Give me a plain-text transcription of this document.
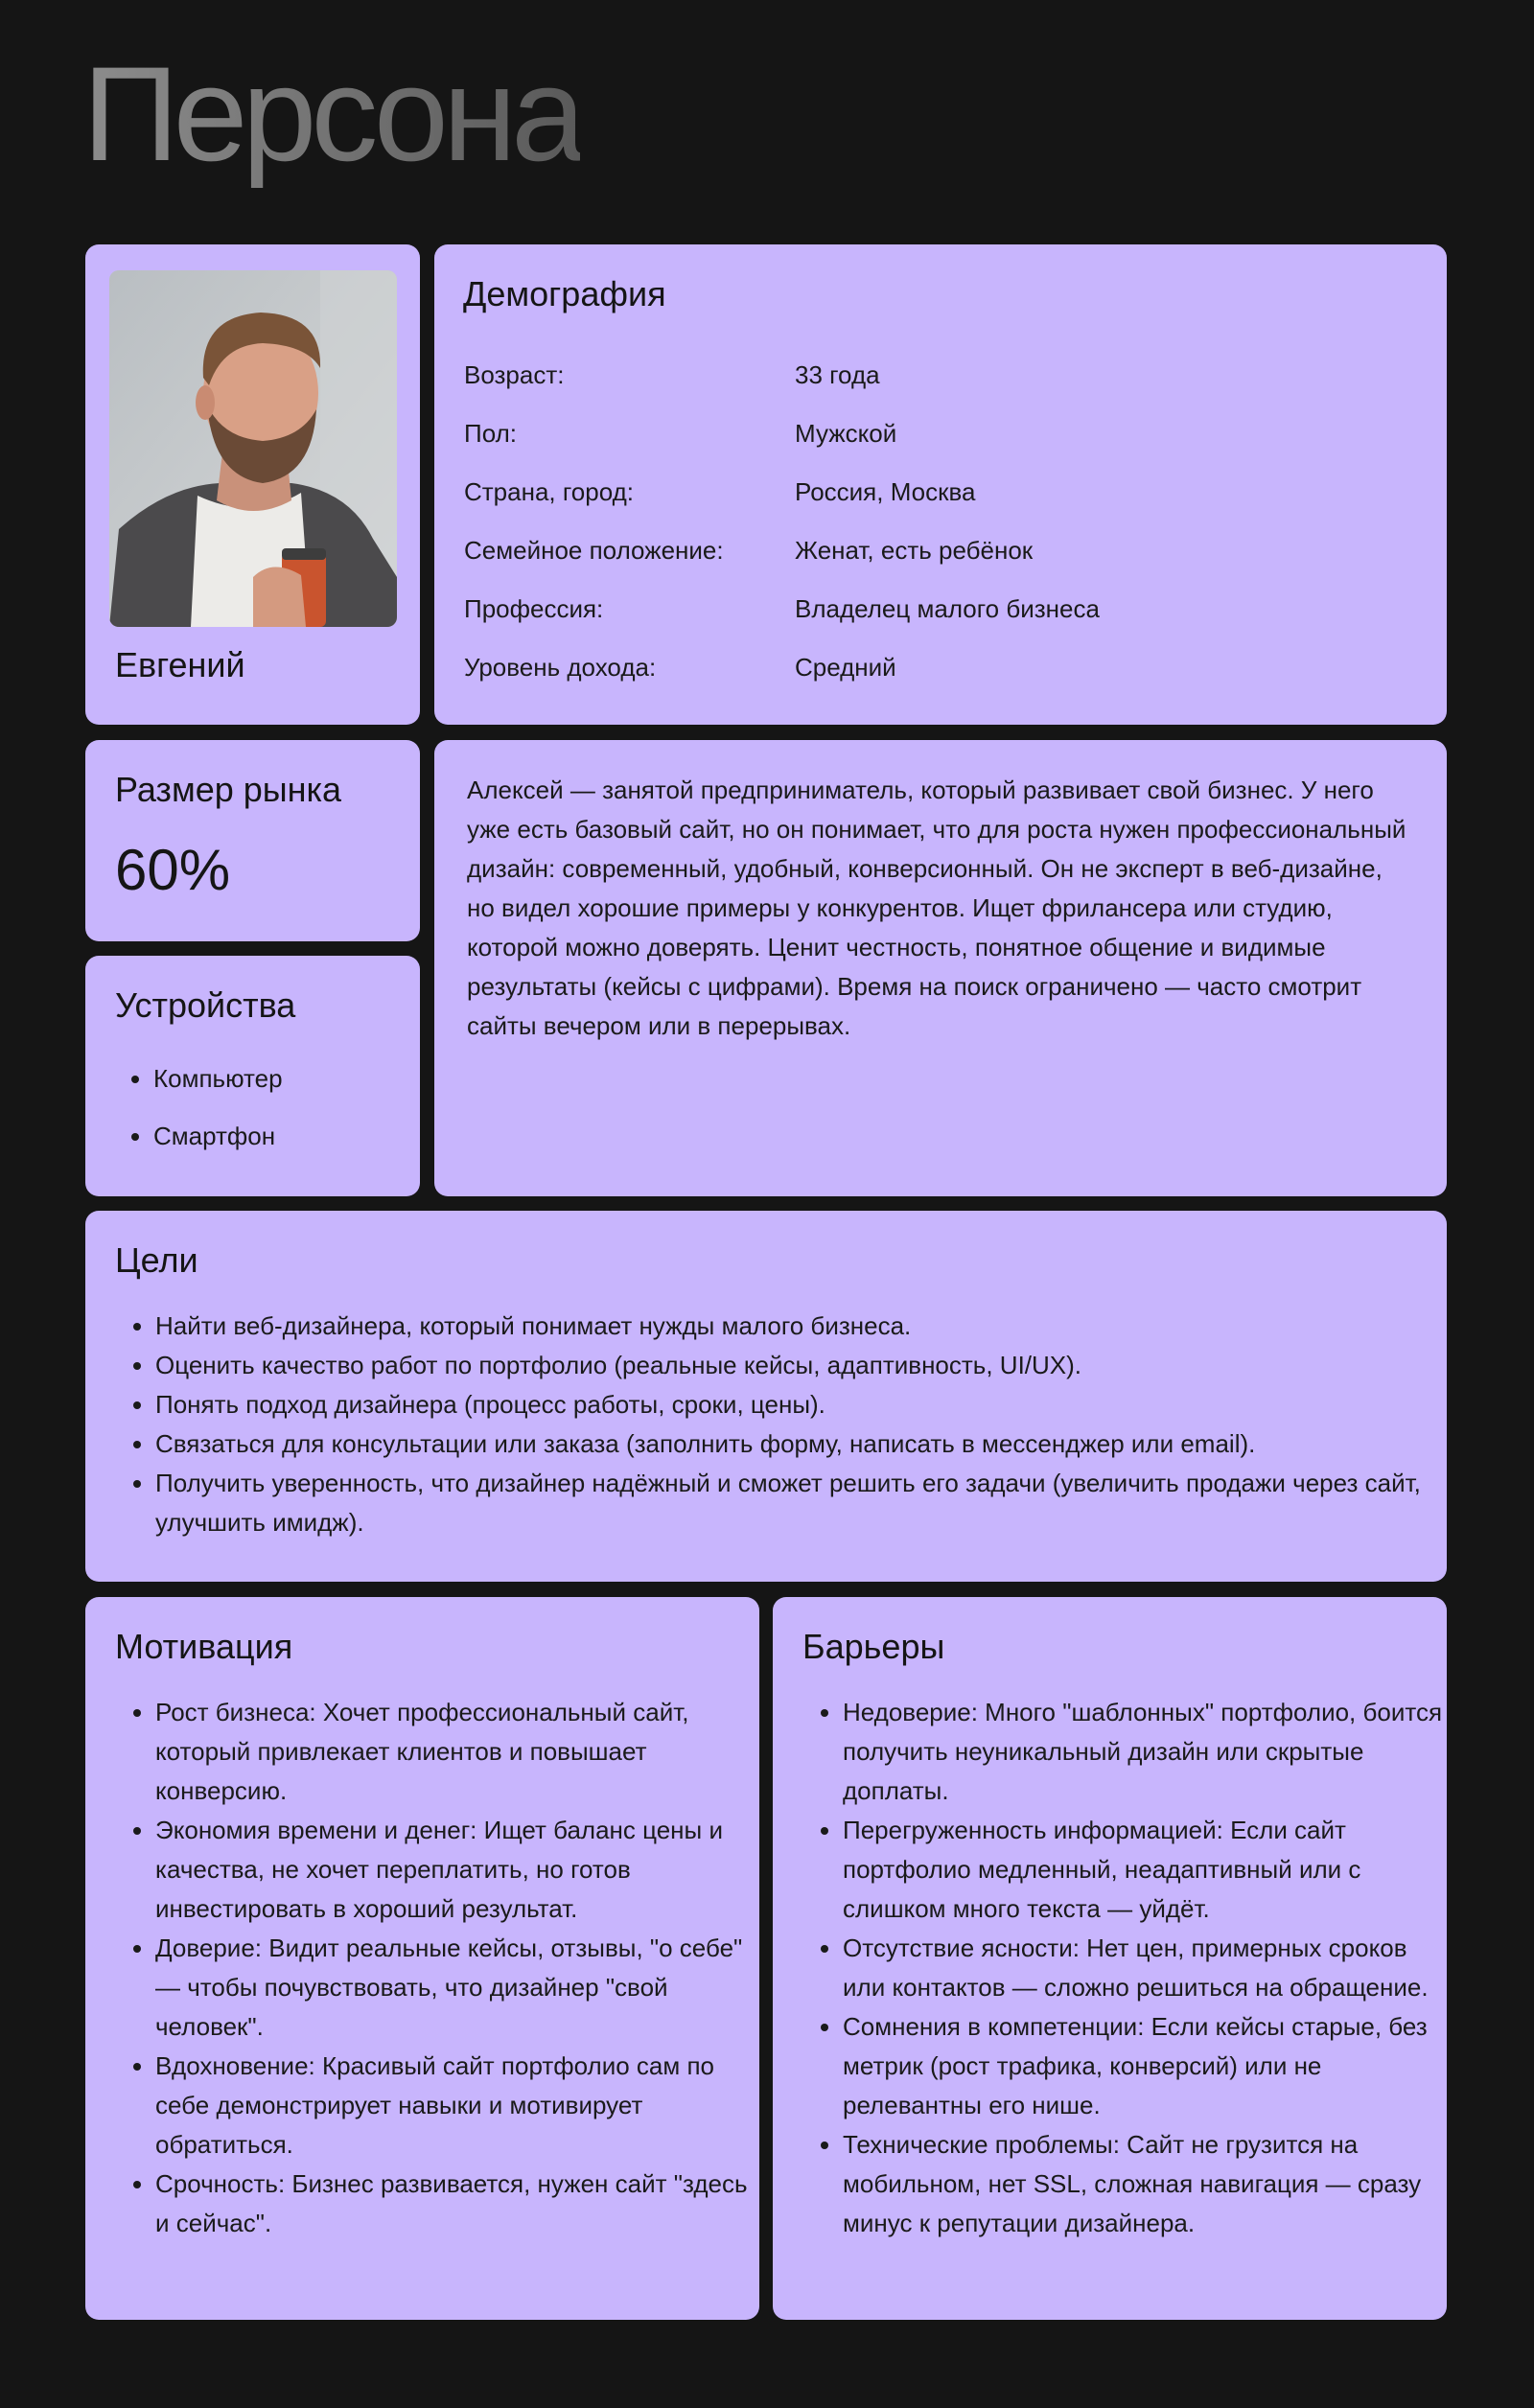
Персона
Евгений
Демография
Возраст:	33 года
Пол:	Мужской
Страна, город:	Россия, Москва
Семейное положение:	Женат, есть ребёнок
Профессия:	Владелец малого бизнеса
Уровень дохода:	Средний
Размер рынка
60%
Устройства
• Компьютер
• Смартфон

Алексей — занятой предприниматель, который развивает свой бизнес. У него уже есть базовый сайт, но он понимает, что для роста нужен профессиональный дизайн: современный, удобный, конверсионный. Он не эксперт в веб-дизайне, но видел хорошие примеры у конкурентов. Ищет фрилансера или студию, которой можно доверять. Ценит честность, понятное общение и видимые результаты (кейсы с цифрами). Время на поиск ограничено — часто смотрит сайты вечером или в перерывах.

Цели
• Найти веб-дизайнера, который понимает нужды малого бизнеса.
• Оценить качество работ по портфолио (реальные кейсы, адаптивность, UI/UX).
• Понять подход дизайнера (процесс работы, сроки, цены).
• Связаться для консультации или заказа (заполнить форму, написать в мессенджер или email).
• Получить уверенность, что дизайнер надёжный и сможет решить его задачи (увеличить продажи через сайт, улучшить имидж).
Мотивация
• Рост бизнеса: Хочет профессиональный сайт, который привлекает клиентов и повышает конверсию.
• Экономия времени и денег: Ищет баланс цены и качества, не хочет переплатить, но готов инвестировать в хороший результат.
• Доверие: Видит реальные кейсы, отзывы, "о себе" — чтобы почувствовать, что дизайнер "свой человек".
• Вдохновение: Красивый сайт портфолио сам по себе демонстрирует навыки и мотивирует обратиться.
• Срочность: Бизнес развивается, нужен сайт "здесь и сейчас".
Барьеры
• Недоверие: Много "шаблонных" портфолио, боится получить неуникальный дизайн или скрытые доплаты.
• Перегруженность информацией: Если сайт портфолио медленный, неадаптивный или с слишком много текста — уйдёт.
• Отсутствие ясности: Нет цен, примерных сроков или контактов — сложно решиться на обращение.
• Сомнения в компетенции: Если кейсы старые, без метрик (рост трафика, конверсий) или не релевантны его нише.
• Технические проблемы: Сайт не грузится на мобильном, нет SSL, сложная навигация — сразу минус к репутации дизайнера.
